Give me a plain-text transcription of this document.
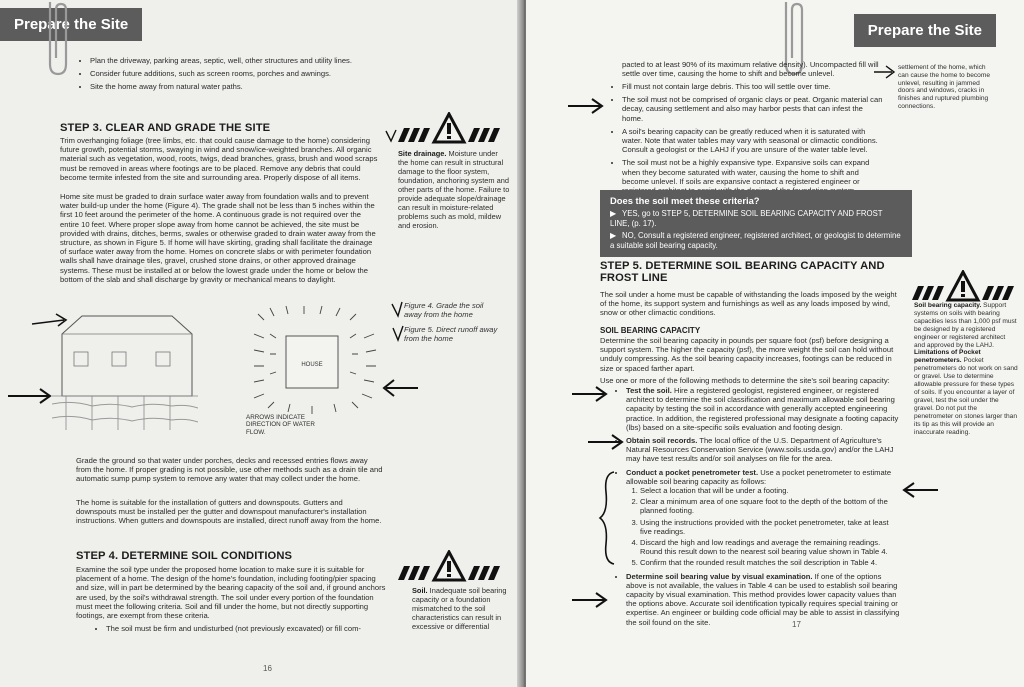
Prepare the Site
• Plan the driveway, parking areas, septic, well, other structures and utility lines.
• Consider future additions, such as screen rooms, porches and awnings.
• Site the home away from natural water paths.
STEP 3. CLEAR AND GRADE THE SITE
Trim overhanging foliage (tree limbs, etc. that could cause damage to the home) considering future growth, potential storms, swaying in wind and snow/ice-weighted branches. All organic material such as vegetation, wood, roots, twigs, dead branches, grass, brush and wood scraps must be removed in areas where footings are to be placed. Remove any debris that could become termite infested from the site and surrounding area. Properly dispose of all items.
Home site must be graded to drain surface water away from foundation walls and to prevent water build-up under the home (Figure 4). The grade shall not be less than 5 inches within the first 10 feet around the perimeter of the home. A continuous grade is not required over the entire 10 feet. Where proper slope away from home cannot be achieved, the site must be provided with drains, ditches, berms, swales or otherwise graded to drain water away from the structure, as shown in Figure 5. If home will have skirting, grading shall facilitate the drainage of surface water away from the home. Homes on concrete slabs or with perimeter foundation walls shall have drainage tiles, gravel, crushed stone drains, or other approved drainage systems. These must be installed at or below the lowest grade under the home or below the bottom of the slab and shall discharge by gravity or mechanical means to daylight.
Site drainage. Moisture under the home can result in structural damage to the floor system, foundation, anchoring system and other parts of the home. Failure to provide adequate slope/drainage can result in moisture-related problems such as mold, mildew and erosion.
Figure 4. Grade the soil away from the home
Figure 5. Direct runoff away from the home
HOUSE
ARROWS INDICATE DIRECTION OF WATER FLOW.
Grade the ground so that water under porches, decks and recessed entries flows away from the home. If proper grading is not possible, use other methods such as a drain tile and automatic sump pump system to remove any water that may collect under the home.
The home is suitable for the installation of gutters and downspouts. Gutters and downspouts must be installed per the gutter and downspout manufacturer's installation instructions. When gutters and downspouts are installed, direct runoff away from the home.
STEP 4. DETERMINE SOIL CONDITIONS
Examine the soil type under the proposed home location to make sure it is suitable for placement of a home. The design of the home's foundation, including footing/pier spacing and size, will in part be determined by the bearing capacity of the soil and, if ground anchors are used, by the soil's withdrawal strength. The soil under every portion of the foundation must meet the following criteria. Soil and fill under the home, but not directly supporting footings, are exempt from these criteria.
• The soil must be firm and undisturbed (not previously excavated) or fill com-
Soil. Inadequate soil bearing capacity or a foundation mismatched to the soil characteristics can result in excessive or differential
16
Prepare the Site
pacted to at least 90% of its maximum relative density). Uncompacted fill will settle over time, causing the home to shift and become unlevel.
• Fill must not contain large debris. This too will settle over time.
• The soil must not be comprised of organic clays or peat. Organic material can decay, causing settlement and also may harbor pests that can infest the home.
• A soil's bearing capacity can be greatly reduced when it is saturated with water. Note that water tables may vary with seasonal or climactic conditions. Consult a geologist or the LAHJ if you are unsure of the water table level.
• The soil must not be a highly expansive type. Expansive soils can expand when they become saturated with water, causing the home to shift and become unlevel. If soils are expansive contact a registered engineer or
settlement of the home, which can cause the home to become unlevel, resulting in jammed doors and windows, cracks in finishes and ruptured plumbing connections.
Does the soil meet these criteria?
▶ YES, go to STEP 5, DETERMINE SOIL BEARING CAPACITY AND FROST LINE, (p. 17).
▶ NO, Consult a registered engineer, registered architect, or geologist to determine a suitable soil bearing capacity.
STEP 5. DETERMINE SOIL BEARING CAPACITY AND FROST LINE
The soil under a home must be capable of withstanding the loads imposed by the weight of the home, its support system and furnishings as well as any loads imposed by wind, snow or other climactic conditions.
SOIL BEARING CAPACITY
Determine the soil bearing capacity in pounds per square foot (psf) before designing a support system. The higher the capacity (psf), the more weight the soil can hold without unduly compressing. As the soil bearing capacity increases, footings can be reduced in size or spaced farther apart.
Use one or more of the following methods to determine the site's soil bearing capacity:
• Test the soil. Hire a registered geologist, registered engineer, or registered architect to determine the soil classification and maximum allowable soil bearing capacity by testing the soil in accordance with generally accepted engineering practice. In addition, the registered professional may designate a footing capacity (lbs) based on a site-specific soils evaluation and footing design.
• Obtain soil records. The local office of the U.S. Department of Agriculture's Natural Resources Conservation Service (www.soils.usda.gov) and/or the LAHJ may have test results and/or soil analyses on file for the area.
• Conduct a pocket penetrometer test. Use a pocket penetrometer to estimate allowable soil bearing capacity as follows:
1. Select a location that will be under a footing.
2. Clear a minimum area of one square foot to the depth of the bottom of the planned footing.
3. Using the instructions provided with the pocket penetrometer, take at least five readings.
4. Discard the high and low readings and average the remaining readings. Round this result down to the nearest soil bearing value shown in Table 4.
5. Confirm that the rounded result matches the soil description in Table 4.
• Determine soil bearing value by visual examination. If one of the options above is not available, the values in Table 4 can be used to establish soil bearing capacity by visual examination. This method provides lower capacity values than the options above. Accurate soil identification typically requires special training or expertise. An engineer or building code official may be able to assist in classifying the soil found on the site.
Soil bearing capacity. Support systems on soils with bearing capacities less than 1,000 psf must be designed by a registered engineer or registered architect and approved by the LAHJ.
Limitations of Pocket penetrometers. Pocket penetrometers do not work on sand or gravel. Use to determine allowable pressure for these types of soils. If you encounter a layer of gravel, test the soil under the gravel. Do not put the penetrometer on stones larger than its tip as this will provide an inaccurate reading.
17
